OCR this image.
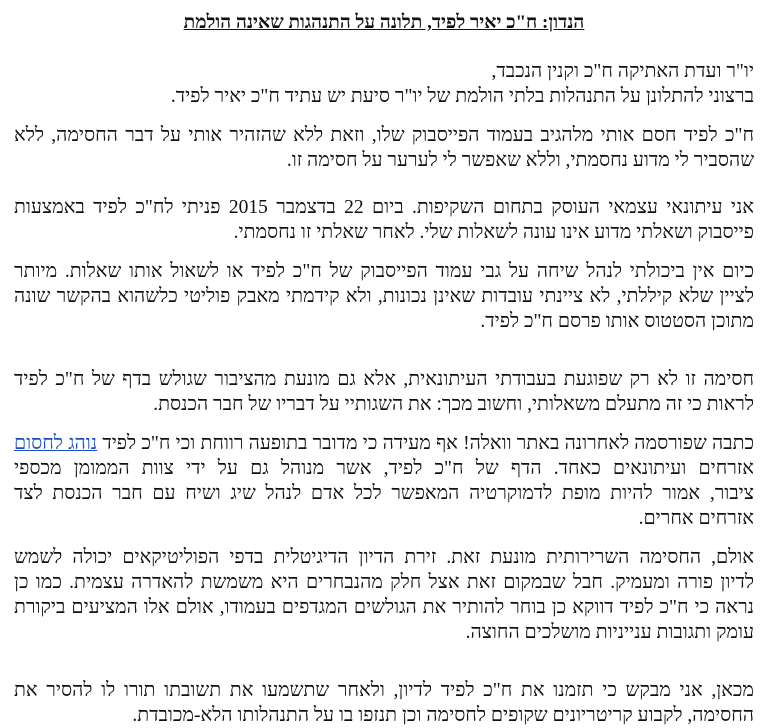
הנדון: ח"כ יאיר לפיד, תלונה על התנהגות שאינה הולמת
יו"ר ועדת האתיקה ח"כ וקנין הנכבד,
ברצוני להתלונן על התנהלות בלתי הולמת של יו"ר סיעת יש עתיד ח"כ יאיר לפיד.
ח"כ לפיד חסם אותי מלהגיב בעמוד הפייסבוק שלו, וזאת ללא שהזהיר אותי על דבר החסימה, ללא
שהסביר לי מדוע נחסמתי, וללא שאפשר לי לערער על חסימה זו.
אני עיתונאי עצמאי העוסק בתחום השקיפות. ביום 22 בדצמבר 2015 פניתי לח"כ לפיד באמצעות
פייסבוק ושאלתי מדוע אינו עונה לשאלות שלי. לאחר שאלתי זו נחסמתי.
כיום אין ביכולתי לנהל שיחה על גבי עמוד הפייסבוק של ח"כ לפיד או לשאול אותו שאלות. מיותר
לציין שלא קיללתי, לא ציינתי עובדות שאינן נכונות, ולא קידמתי מאבק פוליטי כלשהוא בהקשר שונה
מתוכן הסטטוס אותו פרסם ח"כ לפיד.
חסימה זו לא רק שפוגעת בעבודתי העיתונאית, אלא גם מונעת מהציבור שגולש בדף של ח"כ לפיד
לראות כי זה מתעלם משאלותי, וחשוב מכך: את השגותיי על דבריו של חבר הכנסת.
כתבה שפורסמה לאחרונה באתר וואלה! אף מעידה כי מדובר בתופעה רווחת וכי ח"כ לפיד נוהג לחסום
אזרחים ועיתונאים כאחד. הדף של ח"כ לפיד, אשר מנוהל גם על ידי צוות הממומן מכספי
ציבור, אמור להיות מופת לדמוקרטיה המאפשר לכל אדם לנהל שיג ושיח עם חבר הכנסת לצד
אזרחים אחרים.
אולם, החסימה השרירותית מונעת זאת. זירת הדיון הדיגיטלית בדפי הפוליטיקאים יכולה לשמש
לדיון פורה ומעמיק. חבל שבמקום זאת אצל חלק מהנבחרים היא משמשת להאדרה עצמית. כמו כן
נראה כי ח"כ לפיד דווקא כן בוחר להותיר את הגולשים המגדפים בעמודו, אולם אלו המציעים ביקורת
עומק ותגובות ענייניות מושלכים החוצה.
מכאן, אני מבקש כי תזמנו את ח"כ לפיד לדיון, ולאחר שתשמעו את תשובתו תורו לו להסיר את
החסימה, לקבוע קריטריונים שקופים לחסימה וכן תנזפו בו על התנהלותו הלא-מכובדת.
